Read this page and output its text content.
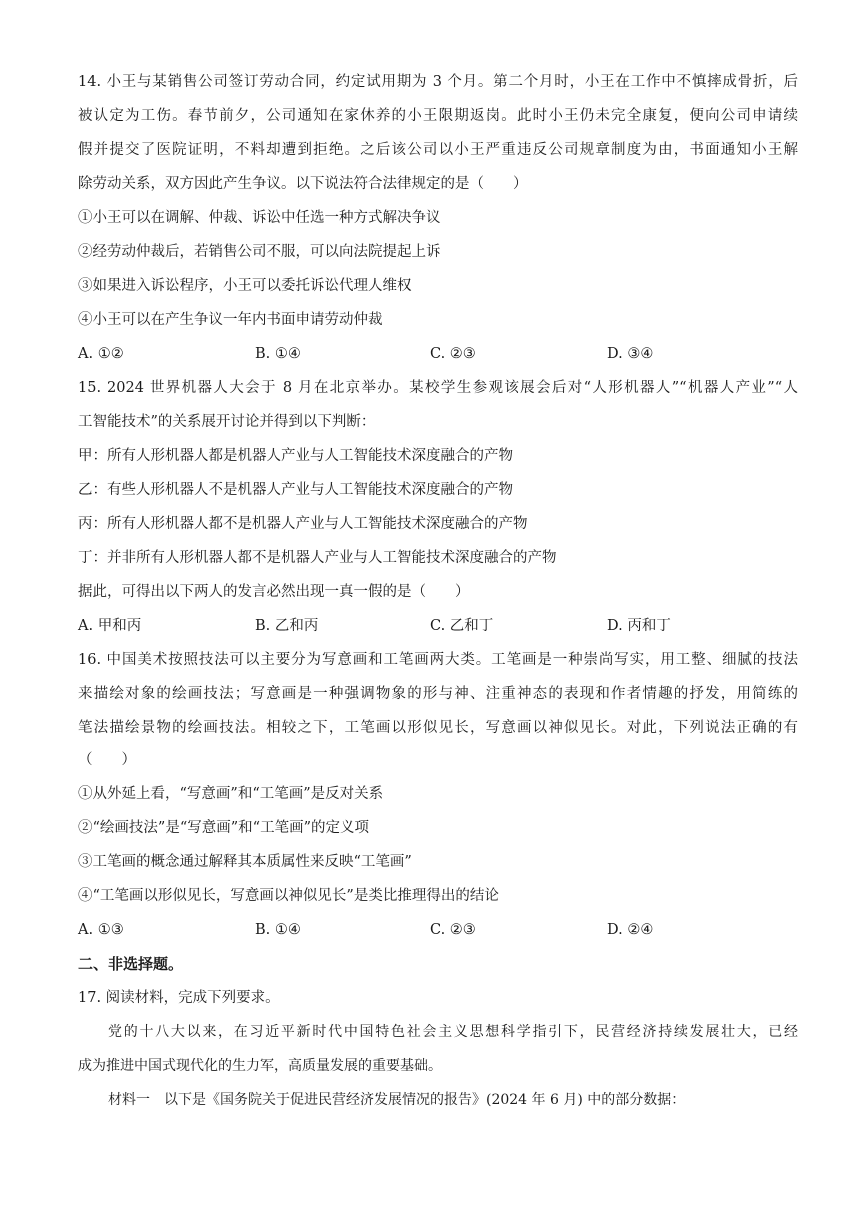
14. 小王与某销售公司签订劳动合同，约定试用期为 3 个月。第二个月时，小王在工作中不慎摔成骨折，后
被认定为工伤。春节前夕，公司通知在家休养的小王限期返岗。此时小王仍未完全康复，便向公司申请续
假并提交了医院证明，不料却遭到拒绝。之后该公司以小王严重违反公司规章制度为由，书面通知小王解
除劳动关系，双方因此产生争议。以下说法符合法律规定的是（　　）
①小王可以在调解、仲裁、诉讼中任选一种方式解决争议
②经劳动仲裁后，若销售公司不服，可以向法院提起上诉
③如果进入诉讼程序，小王可以委托诉讼代理人维权
④小王可以在产生争议一年内书面申请劳动仲裁
A. ①②	B. ①④	C. ②③	D. ③④
15. 2024 世界机器人大会于 8 月在北京举办。某校学生参观该展会后对“人形机器人”“机器人产业”“人
工智能技术”的关系展开讨论并得到以下判断：
甲：所有人形机器人都是机器人产业与人工智能技术深度融合的产物
乙：有些人形机器人不是机器人产业与人工智能技术深度融合的产物
丙：所有人形机器人都不是机器人产业与人工智能技术深度融合的产物
丁：并非所有人形机器人都不是机器人产业与人工智能技术深度融合的产物
据此，可得出以下两人的发言必然出现一真一假的是（　　）
A. 甲和丙	B. 乙和丙	C. 乙和丁	D. 丙和丁
16. 中国美术按照技法可以主要分为写意画和工笔画两大类。工笔画是一种崇尚写实，用工整、细腻的技法
来描绘对象的绘画技法；写意画是一种强调物象的形与神、注重神态的表现和作者情趣的抒发，用简练的
笔法描绘景物的绘画技法。相较之下，工笔画以形似见长，写意画以神似见长。对此，下列说法正确的有
（　　）
①从外延上看，“写意画”和“工笔画”是反对关系
②“绘画技法”是“写意画”和“工笔画”的定义项
③工笔画的概念通过解释其本质属性来反映“工笔画”
④“工笔画以形似见长，写意画以神似见长”是类比推理得出的结论
A. ①③	B. ①④	C. ②③	D. ②④
二、非选择题。
17. 阅读材料，完成下列要求。
党的十八大以来，在习近平新时代中国特色社会主义思想科学指引下，民营经济持续发展壮大，已经
成为推进中国式现代化的生力军，高质量发展的重要基础。
材料一　以下是《国务院关于促进民营经济发展情况的报告》(2024 年 6 月) 中的部分数据：
